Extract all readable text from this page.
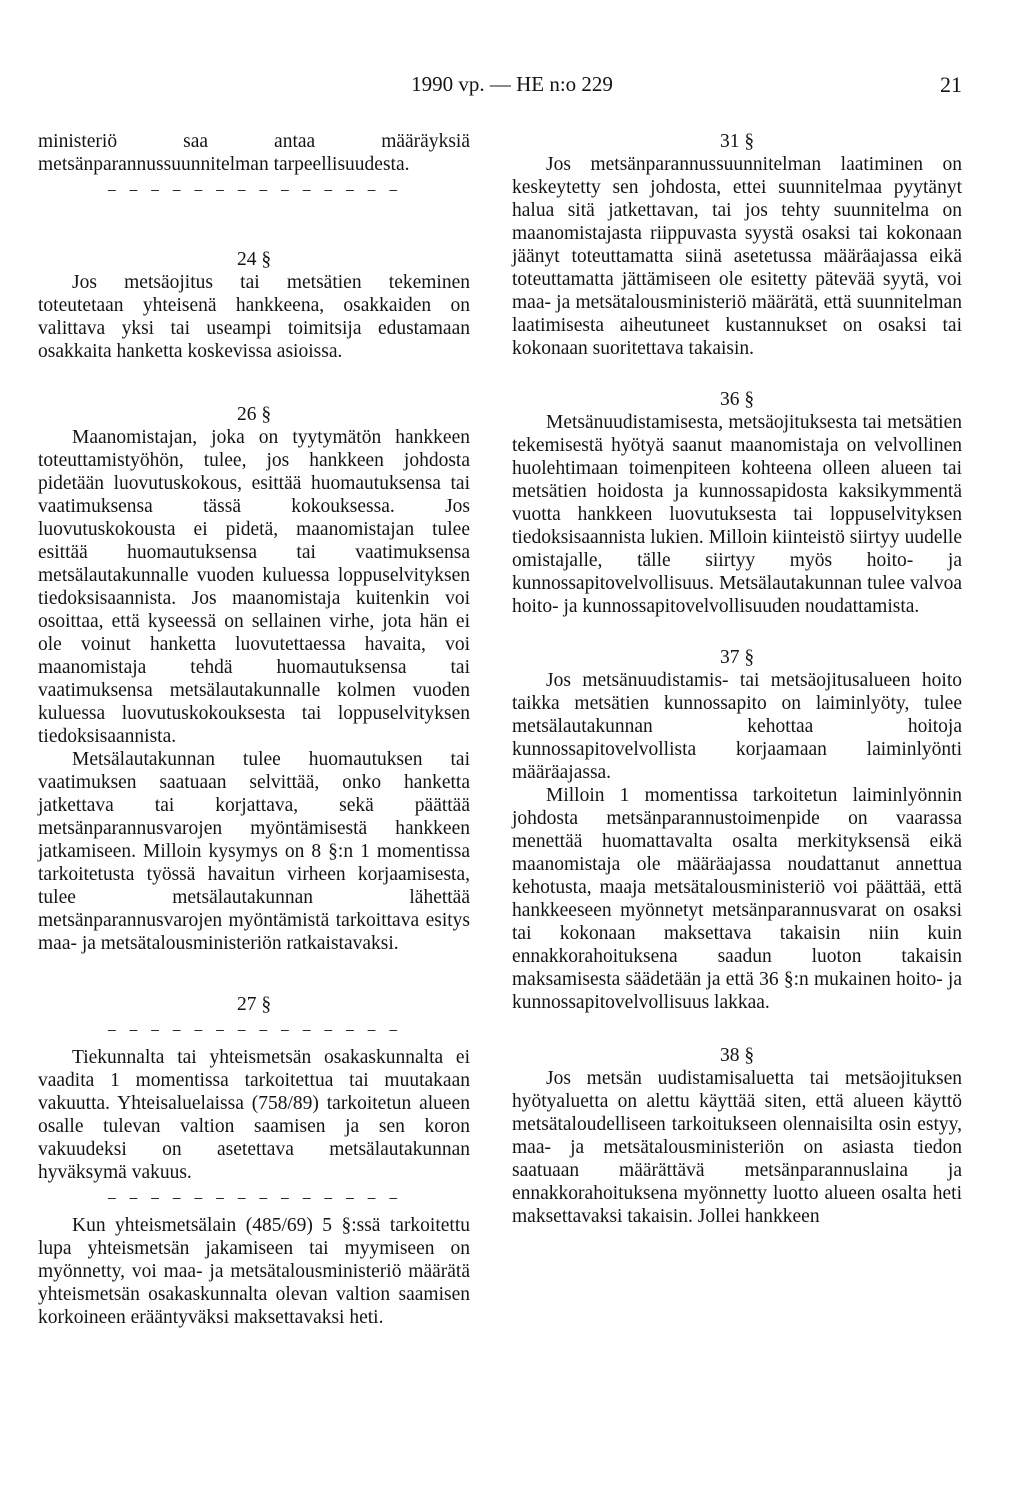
1990 vp. — HE n:o 229	21

ministeriö saa antaa määräyksiä metsänparannussuunnitelman tarpeellisuudesta.

— — — — — — — — — — — — — —

24 §

Jos metsäojitus tai metsätien tekeminen toteutetaan yhteisenä hankkeena, osakkaiden on valittava yksi tai useampi toimitsija edustamaan osakkaita hanketta koskevissa asioissa.

26 §

Maanomistajan, joka on tyytymätön hankkeen toteuttamistyöhön, tulee, jos hankkeen johdosta pidetään luovutuskokous, esittää huomautuksensa tai vaatimuksensa tässä kokouksessa. Jos luovutuskokousta ei pidetä, maanomistajan tulee esittää huomautuksensa tai vaatimuksensa metsälautakunnalle vuoden kuluessa loppuselvityksen tiedoksisaannista. Jos maanomistaja kuitenkin voi osoittaa, että kyseessä on sellainen virhe, jota hän ei ole voinut hanketta luovutettaessa havaita, voi maanomistaja tehdä huomautuksensa tai vaatimuksensa metsälautakunnalle kolmen vuoden kuluessa luovutuskokouksesta tai loppuselvityksen tiedoksisaannista.

Metsälautakunnan tulee huomautuksen tai vaatimuksen saatuaan selvittää, onko hanketta jatkettava tai korjattava, sekä päättää metsänparannusvarojen myöntämisestä hankkeen jatkamiseen. Milloin kysymys on 8 §:n 1 momentissa tarkoitetusta työssä havaitun virheen korjaamisesta, tulee metsälautakunnan lähettää metsänparannusvarojen myöntämistä tarkoittava esitys maa- ja metsätalousministeriön ratkaistavaksi.

27 §

— — — — — — — — — — — — — —

Tiekunnalta tai yhteismetsän osakaskunnalta ei vaadita 1 momentissa tarkoitettua tai muutakaan vakuutta. Yhteisaluelaissa (758/89) tarkoitetun alueen osalle tulevan valtion saamisen ja sen koron vakuudeksi on asetettava metsälautakunnan hyväksymä vakuus.

— — — — — — — — — — — — — —

Kun yhteismetsälain (485/69) 5 §:ssä tarkoitettu lupa yhteismetsän jakamiseen tai myymiseen on myönnetty, voi maa- ja metsätalousministeriö määrätä yhteismetsän osakaskunnalta olevan valtion saamisen korkoineen erääntyväksi maksettavaksi heti.

31 §

Jos metsänparannussuunnitelman laatiminen on keskeytetty sen johdosta, ettei suunnitelmaa pyytänyt halua sitä jatkettavan, tai jos tehty suunnitelma on maanomistajasta riippuvasta syystä osaksi tai kokonaan jäänyt toteuttamatta siinä asetetussa määräajassa eikä toteuttamatta jättämiseen ole esitetty pätevää syytä, voi maa- ja metsätalousministeriö määrätä, että suunnitelman laatimisesta aiheutuneet kustannukset on osaksi tai kokonaan suoritettava takaisin.

36 §

Metsänuudistamisesta, metsäojituksesta tai metsätien tekemisestä hyötyä saanut maanomistaja on velvollinen huolehtimaan toimenpiteen kohteena olleen alueen tai metsätien hoidosta ja kunnossapidosta kaksikymmentä vuotta hankkeen luovutuksesta tai loppuselvityksen tiedoksisaannista lukien. Milloin kiinteistö siirtyy uudelle omistajalle, tälle siirtyy myös hoito- ja kunnossapitovelvollisuus. Metsälautakunnan tulee valvoa hoito- ja kunnossapitovelvollisuuden noudattamista.

37 §

Jos metsänuudistamis- tai metsäojitusalueen hoito taikka metsätien kunnossapito on laiminlyöty, tulee metsälautakunnan kehottaa hoitoja kunnossapitovelvollista korjaamaan laiminlyönti määräajassa.

Milloin 1 momentissa tarkoitetun laiminlyönnin johdosta metsänparannustoimenpide on vaarassa menettää huomattavalta osalta merkityksensä eikä maanomistaja ole määräajassa noudattanut annettua kehotusta, maaja metsätalousministeriö voi päättää, että hankkeeseen myönnetyt metsänparannusvarat on osaksi tai kokonaan maksettava takaisin niin kuin ennakkorahoituksena saadun luoton takaisin maksamisesta säädetään ja että 36 §:n mukainen hoito- ja kunnossapitovelvollisuus lakkaa.

38 §

Jos metsän uudistamisaluetta tai metsäojituksen hyötyaluetta on alettu käyttää siten, että alueen käyttö metsätaloudelliseen tarkoitukseen olennaisilta osin estyy, maa- ja metsätalousministeriön on asiasta tiedon saatuaan määrättävä metsänparannuslaina ja ennakkorahoituksena myönnetty luotto alueen osalta heti maksettavaksi takaisin. Jollei hankkeen
